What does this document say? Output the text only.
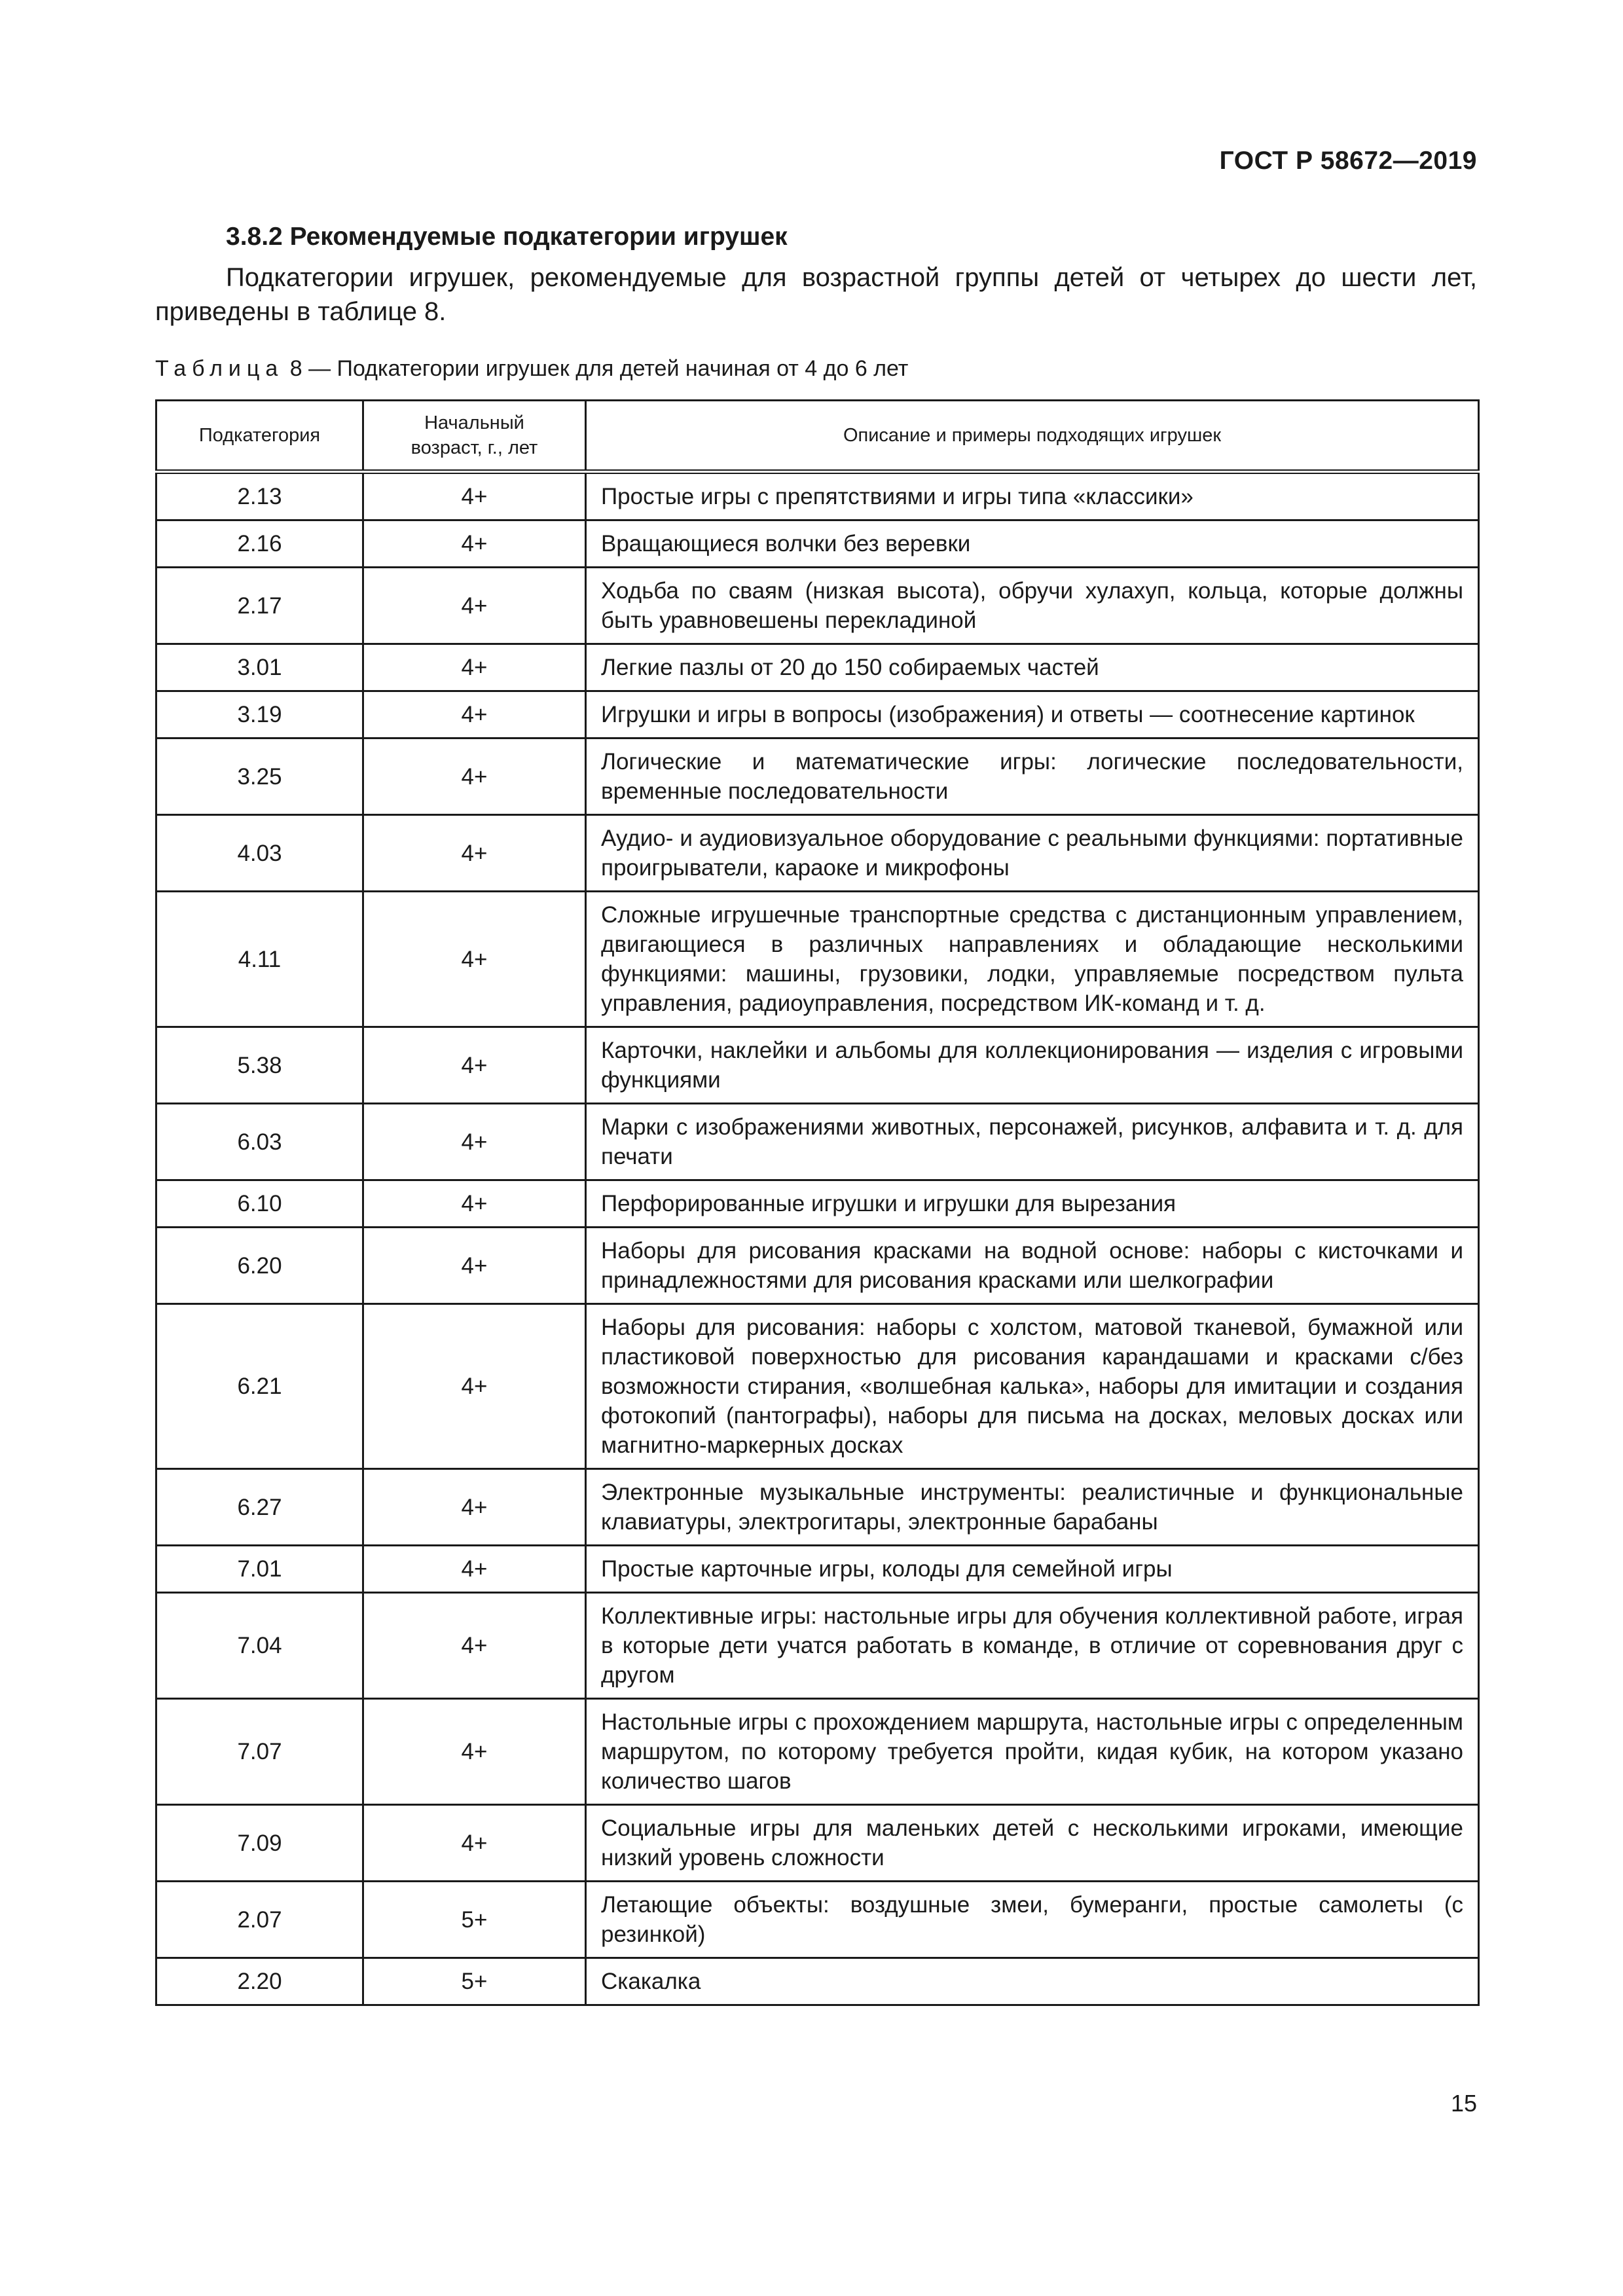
ГОСТ Р 58672—2019
3.8.2 Рекомендуемые подкатегории игрушек
Подкатегории игрушек, рекомендуемые для возрастной группы детей от четырех до шести лет, приведены в таблице 8.
Таблица 8 — Подкатегории игрушек для детей начиная от 4 до 6 лет
Подкатегория	Начальный возраст, г., лет	Описание и примеры подходящих игрушек
2.13	4+	Простые игры с препятствиями и игры типа «классики»
2.16	4+	Вращающиеся волчки без веревки
2.17	4+	Ходьба по сваям (низкая высота), обручи хулахуп, кольца, которые должны быть уравновешены перекладиной
3.01	4+	Легкие пазлы от 20 до 150 собираемых частей
3.19	4+	Игрушки и игры в вопросы (изображения) и ответы — соотнесение картинок
3.25	4+	Логические и математические игры: логические последовательности, временные последовательности
4.03	4+	Аудио- и аудиовизуальное оборудование с реальными функциями: портативные проигрыватели, караоке и микрофоны
4.11	4+	Сложные игрушечные транспортные средства с дистанционным управлением, двигающиеся в различных направлениях и обладающие несколькими функциями: машины, грузовики, лодки, управляемые посредством пульта управления, радиоуправления, посредством ИК-команд и т. д.
5.38	4+	Карточки, наклейки и альбомы для коллекционирования — изделия с игровыми функциями
6.03	4+	Марки с изображениями животных, персонажей, рисунков, алфавита и т. д. для печати
6.10	4+	Перфорированные игрушки и игрушки для вырезания
6.20	4+	Наборы для рисования красками на водной основе: наборы с кисточками и принадлежностями для рисования красками или шелкографии
6.21	4+	Наборы для рисования: наборы с холстом, матовой тканевой, бумажной или пластиковой поверхностью для рисования карандашами и красками с/без возможности стирания, «волшебная калька», наборы для имитации и создания фотокопий (пантографы), наборы для письма на досках, меловых досках или магнитно-маркерных досках
6.27	4+	Электронные музыкальные инструменты: реалистичные и функциональные клавиатуры, электрогитары, электронные барабаны
7.01	4+	Простые карточные игры, колоды для семейной игры
7.04	4+	Коллективные игры: настольные игры для обучения коллективной работе, играя в которые дети учатся работать в команде, в отличие от соревнования друг с другом
7.07	4+	Настольные игры с прохождением маршрута, настольные игры с определенным маршрутом, по которому требуется пройти, кидая кубик, на котором указано количество шагов
7.09	4+	Социальные игры для маленьких детей с несколькими игроками, имеющие низкий уровень сложности
2.07	5+	Летающие объекты: воздушные змеи, бумеранги, простые самолеты (с резинкой)
2.20	5+	Скакалка
15
